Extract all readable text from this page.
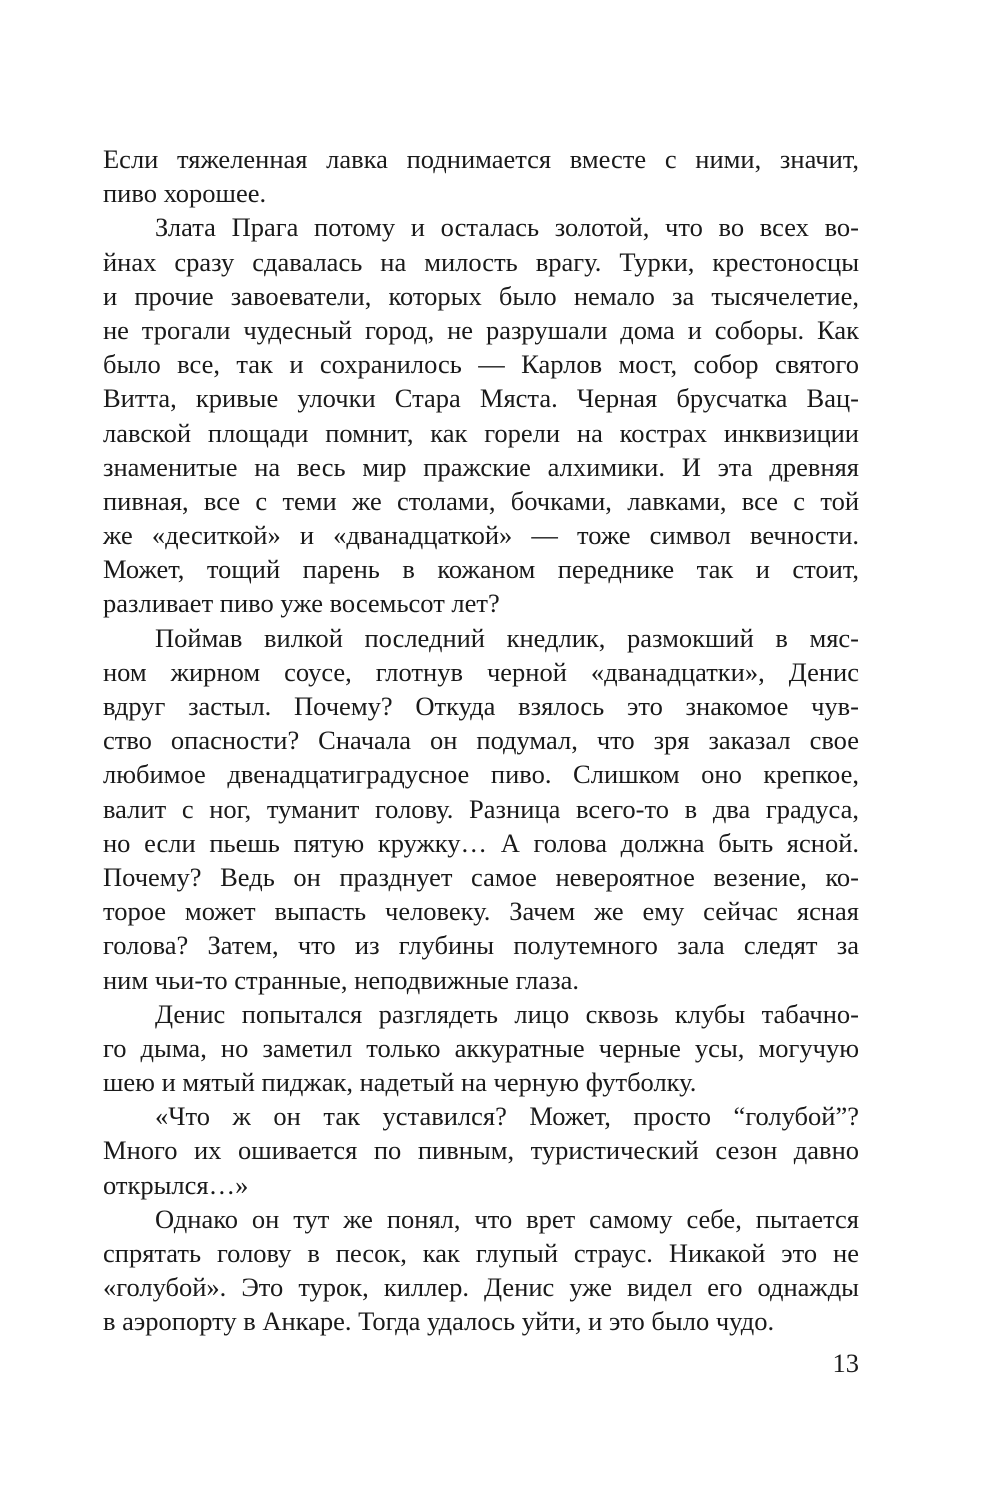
Если тяжеленная лавка поднимается вместе с ними, значит,
пиво хорошее.
Злата Прага потому и осталась золотой, что во всех во-
йнах сразу сдавалась на милость врагу. Турки, крестоносцы
и прочие завоеватели, которых было немало за тысячелетие,
не трогали чудесный город, не разрушали дома и соборы. Как
было все, так и сохранилось — Карлов мост, собор святого
Витта, кривые улочки Стара Мяста. Черная брусчатка Вац-
лавской площади помнит, как горели на кострах инквизиции
знаменитые на весь мир пражские алхимики. И эта древняя
пивная, все с теми же столами, бочками, лавками, все с той
же «деситкой» и «дванадцаткой» — тоже символ вечности.
Может, тощий парень в кожаном переднике так и стоит,
разливает пиво уже восемьсот лет?
Поймав вилкой последний кнедлик, размокший в мяс-
ном жирном соусе, глотнув черной «дванадцатки», Денис
вдруг застыл. Почему? Откуда взялось это знакомое чув-
ство опасности? Сначала он подумал, что зря заказал свое
любимое двенадцатиградусное пиво. Слишком оно крепкое,
валит с ног, туманит голову. Разница всего-то в два градуса,
но если пьешь пятую кружку… А голова должна быть ясной.
Почему? Ведь он празднует самое невероятное везение, ко-
торое может выпасть человеку. Зачем же ему сейчас ясная
голова? Затем, что из глубины полутемного зала следят за
ним чьи-то странные, неподвижные глаза.
Денис попытался разглядеть лицо сквозь клубы табачно-
го дыма, но заметил только аккуратные черные усы, могучую
шею и мятый пиджак, надетый на черную футболку.
«Что ж он так уставился? Может, просто “голубой”?
Много их ошивается по пивным, туристический сезон давно
открылся…»
Однако он тут же понял, что врет самому себе, пытается
спрятать голову в песок, как глупый страус. Никакой это не
«голубой». Это турок, киллер. Денис уже видел его однажды
в аэропорту в Анкаре. Тогда удалось уйти, и это было чудо.
13
